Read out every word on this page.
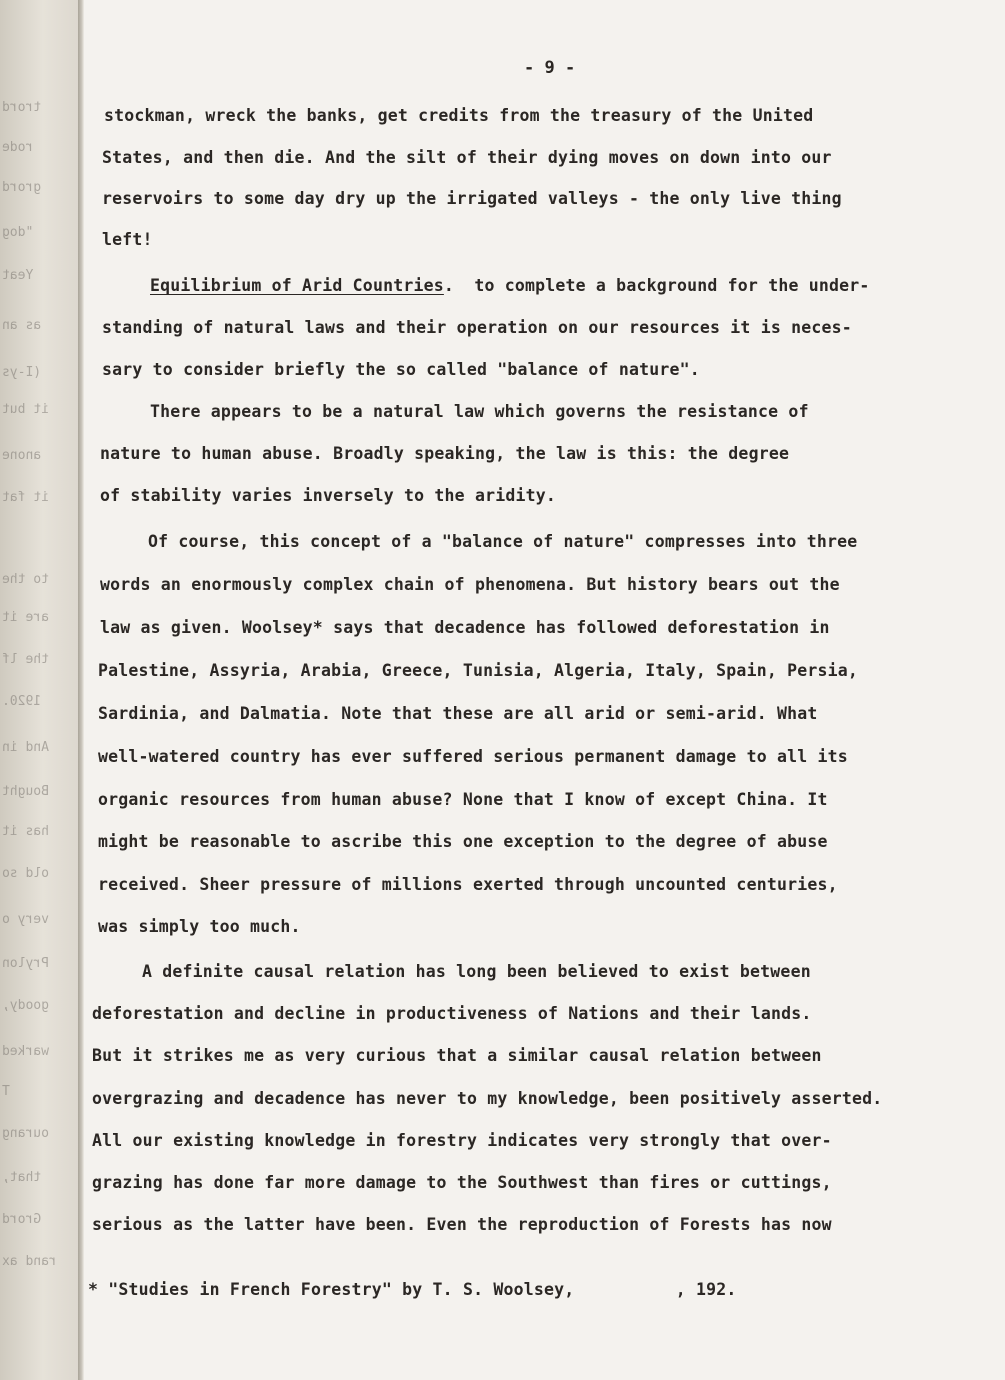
trord
rode
grord
"dog
Yeat
as an
(I-ys
it but
anone
it fat
to the
are it
the lf
1920.
And in
Bought
has it
old so
very o
Prylon
goody,
warked
T
ourang
that,
Grord
rand ax
- 9 -
Equilibrium of Arid Countries. to complete a background for the under-
* "Studies in French Forestry" by T. S. Woolsey,          , 192.
stockman, wreck the banks, get credits from the treasury of the United
States, and then die. And the silt of their dying moves on down into our
reservoirs to some day dry up the irrigated valleys - the only live thing
left!
standing of natural laws and their operation on our resources it is neces-
sary to consider briefly the so called "balance of nature".
There appears to be a natural law which governs the resistance of
nature to human abuse. Broadly speaking, the law is this: the degree
of stability varies inversely to the aridity.
Of course, this concept of a "balance of nature" compresses into three
words an enormously complex chain of phenomena. But history bears out the
law as given. Woolsey* says that decadence has followed deforestation in
Palestine, Assyria, Arabia, Greece, Tunisia, Algeria, Italy, Spain, Persia,
Sardinia, and Dalmatia. Note that these are all arid or semi-arid. What
well-watered country has ever suffered serious permanent damage to all its
organic resources from human abuse? None that I know of except China. It
might be reasonable to ascribe this one exception to the degree of abuse
received. Sheer pressure of millions exerted through uncounted centuries,
was simply too much.
A definite causal relation has long been believed to exist between
deforestation and decline in productiveness of Nations and their lands.
But it strikes me as very curious that a similar causal relation between
overgrazing and decadence has never to my knowledge, been positively asserted.
All our existing knowledge in forestry indicates very strongly that over-
grazing has done far more damage to the Southwest than fires or cuttings,
serious as the latter have been. Even the reproduction of Forests has now
